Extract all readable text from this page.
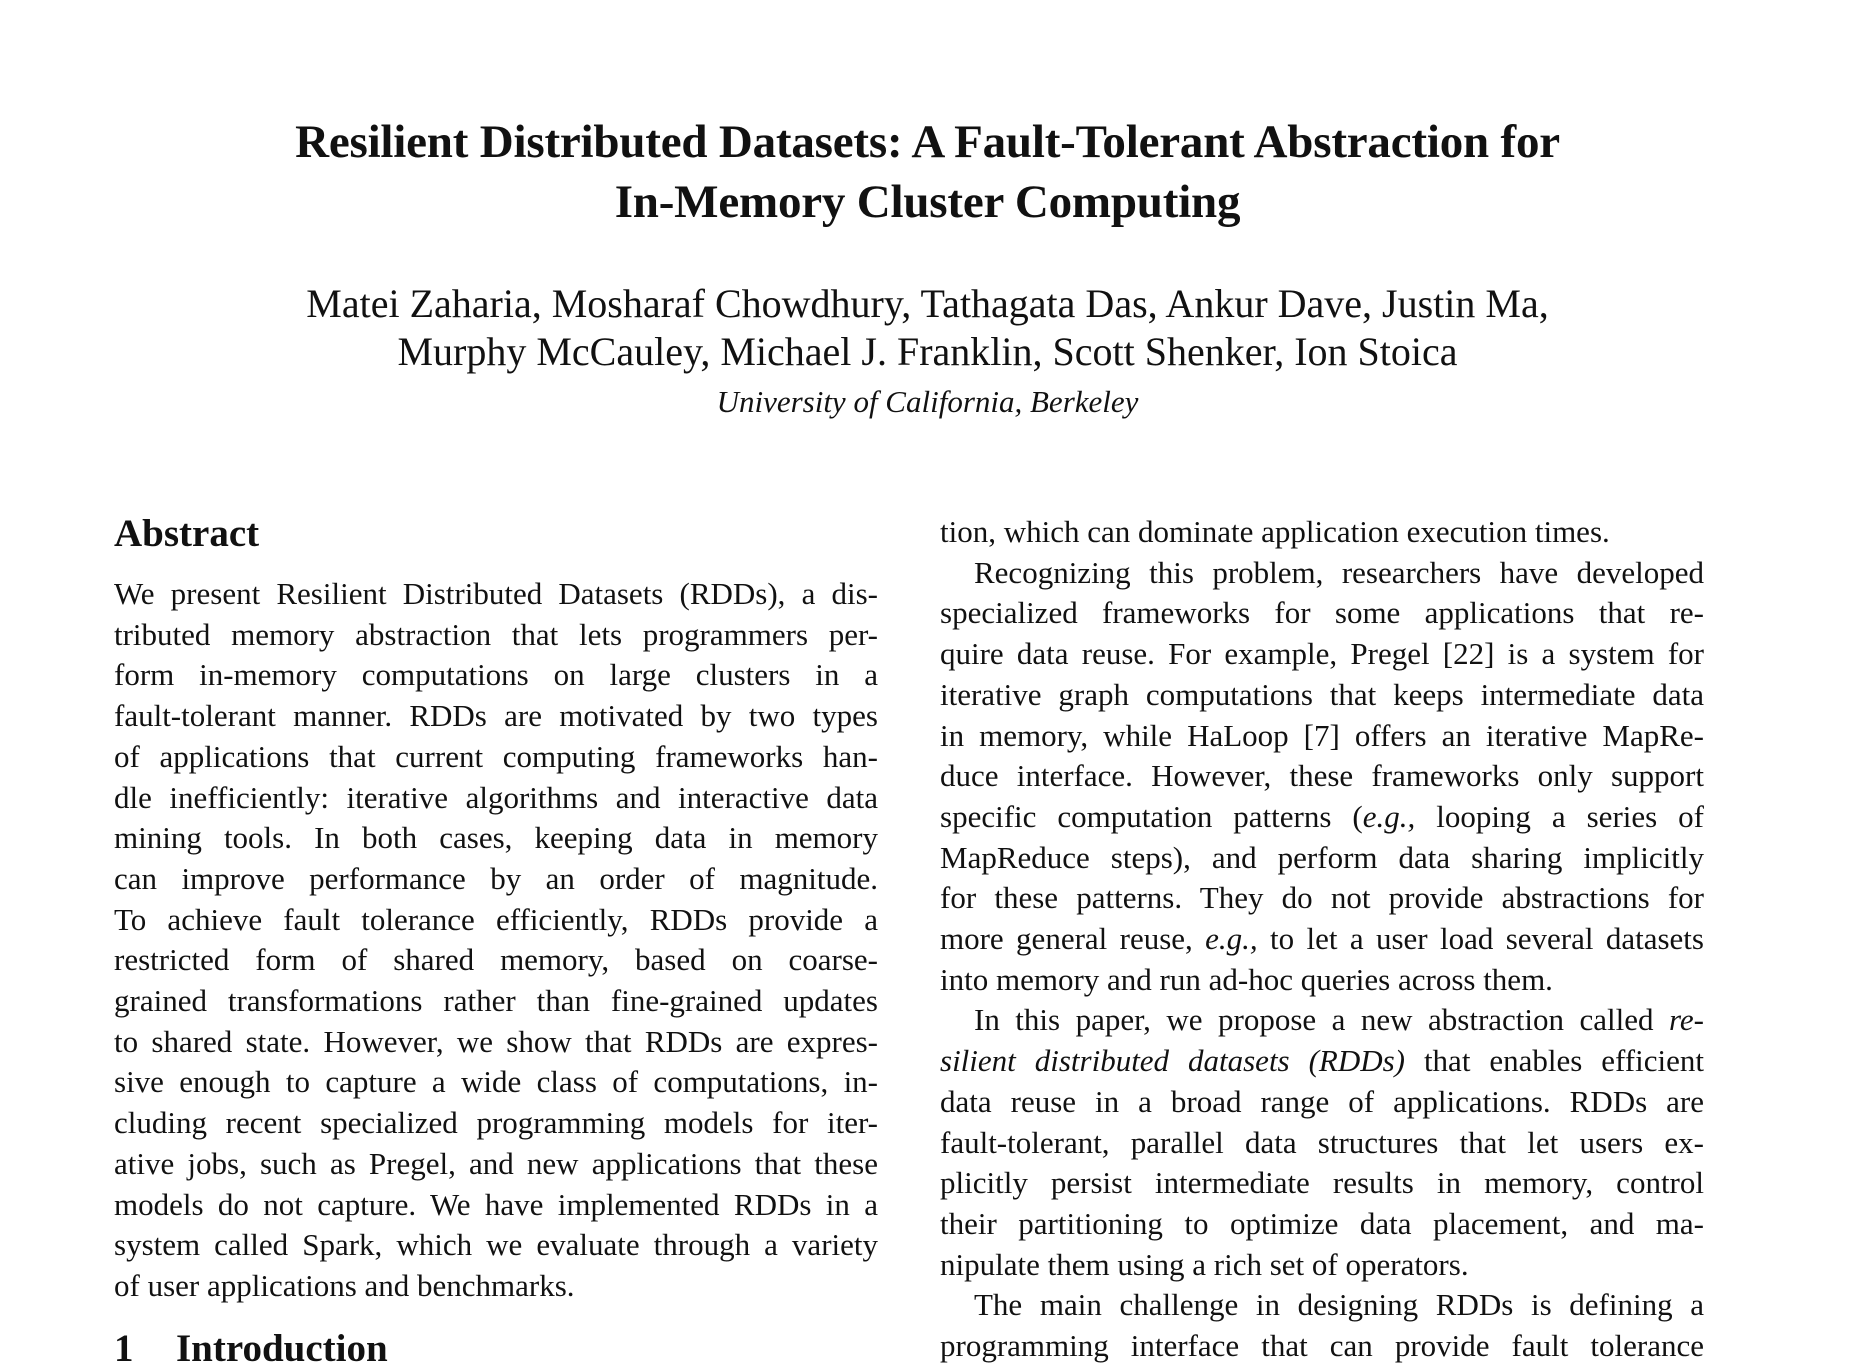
Resilient Distributed Datasets: A Fault-Tolerant Abstraction for
In-Memory Cluster Computing
Matei Zaharia, Mosharaf Chowdhury, Tathagata Das, Ankur Dave, Justin Ma,
Murphy McCauley, Michael J. Franklin, Scott Shenker, Ion Stoica
University of California, Berkeley
Abstract
We present Resilient Distributed Datasets (RDDs), a dis-
tributed memory abstraction that lets programmers per-
form in-memory computations on large clusters in a
fault-tolerant manner. RDDs are motivated by two types
of applications that current computing frameworks han-
dle inefficiently: iterative algorithms and interactive data
mining tools. In both cases, keeping data in memory
can improve performance by an order of magnitude.
To achieve fault tolerance efficiently, RDDs provide a
restricted form of shared memory, based on coarse-
grained transformations rather than fine-grained updates
to shared state. However, we show that RDDs are expres-
sive enough to capture a wide class of computations, in-
cluding recent specialized programming models for iter-
ative jobs, such as Pregel, and new applications that these
models do not capture. We have implemented RDDs in a
system called Spark, which we evaluate through a variety
of user applications and benchmarks.
1 Introduction
tion, which can dominate application execution times.
Recognizing this problem, researchers have developed
specialized frameworks for some applications that re-
quire data reuse. For example, Pregel [22] is a system for
iterative graph computations that keeps intermediate data
in memory, while HaLoop [7] offers an iterative MapRe-
duce interface. However, these frameworks only support
specific computation patterns (e.g., looping a series of
MapReduce steps), and perform data sharing implicitly
for these patterns. They do not provide abstractions for
more general reuse, e.g., to let a user load several datasets
into memory and run ad-hoc queries across them.
In this paper, we propose a new abstraction called re-
silient distributed datasets (RDDs) that enables efficient
data reuse in a broad range of applications. RDDs are
fault-tolerant, parallel data structures that let users ex-
plicitly persist intermediate results in memory, control
their partitioning to optimize data placement, and ma-
nipulate them using a rich set of operators.
The main challenge in designing RDDs is defining a
programming interface that can provide fault tolerance
